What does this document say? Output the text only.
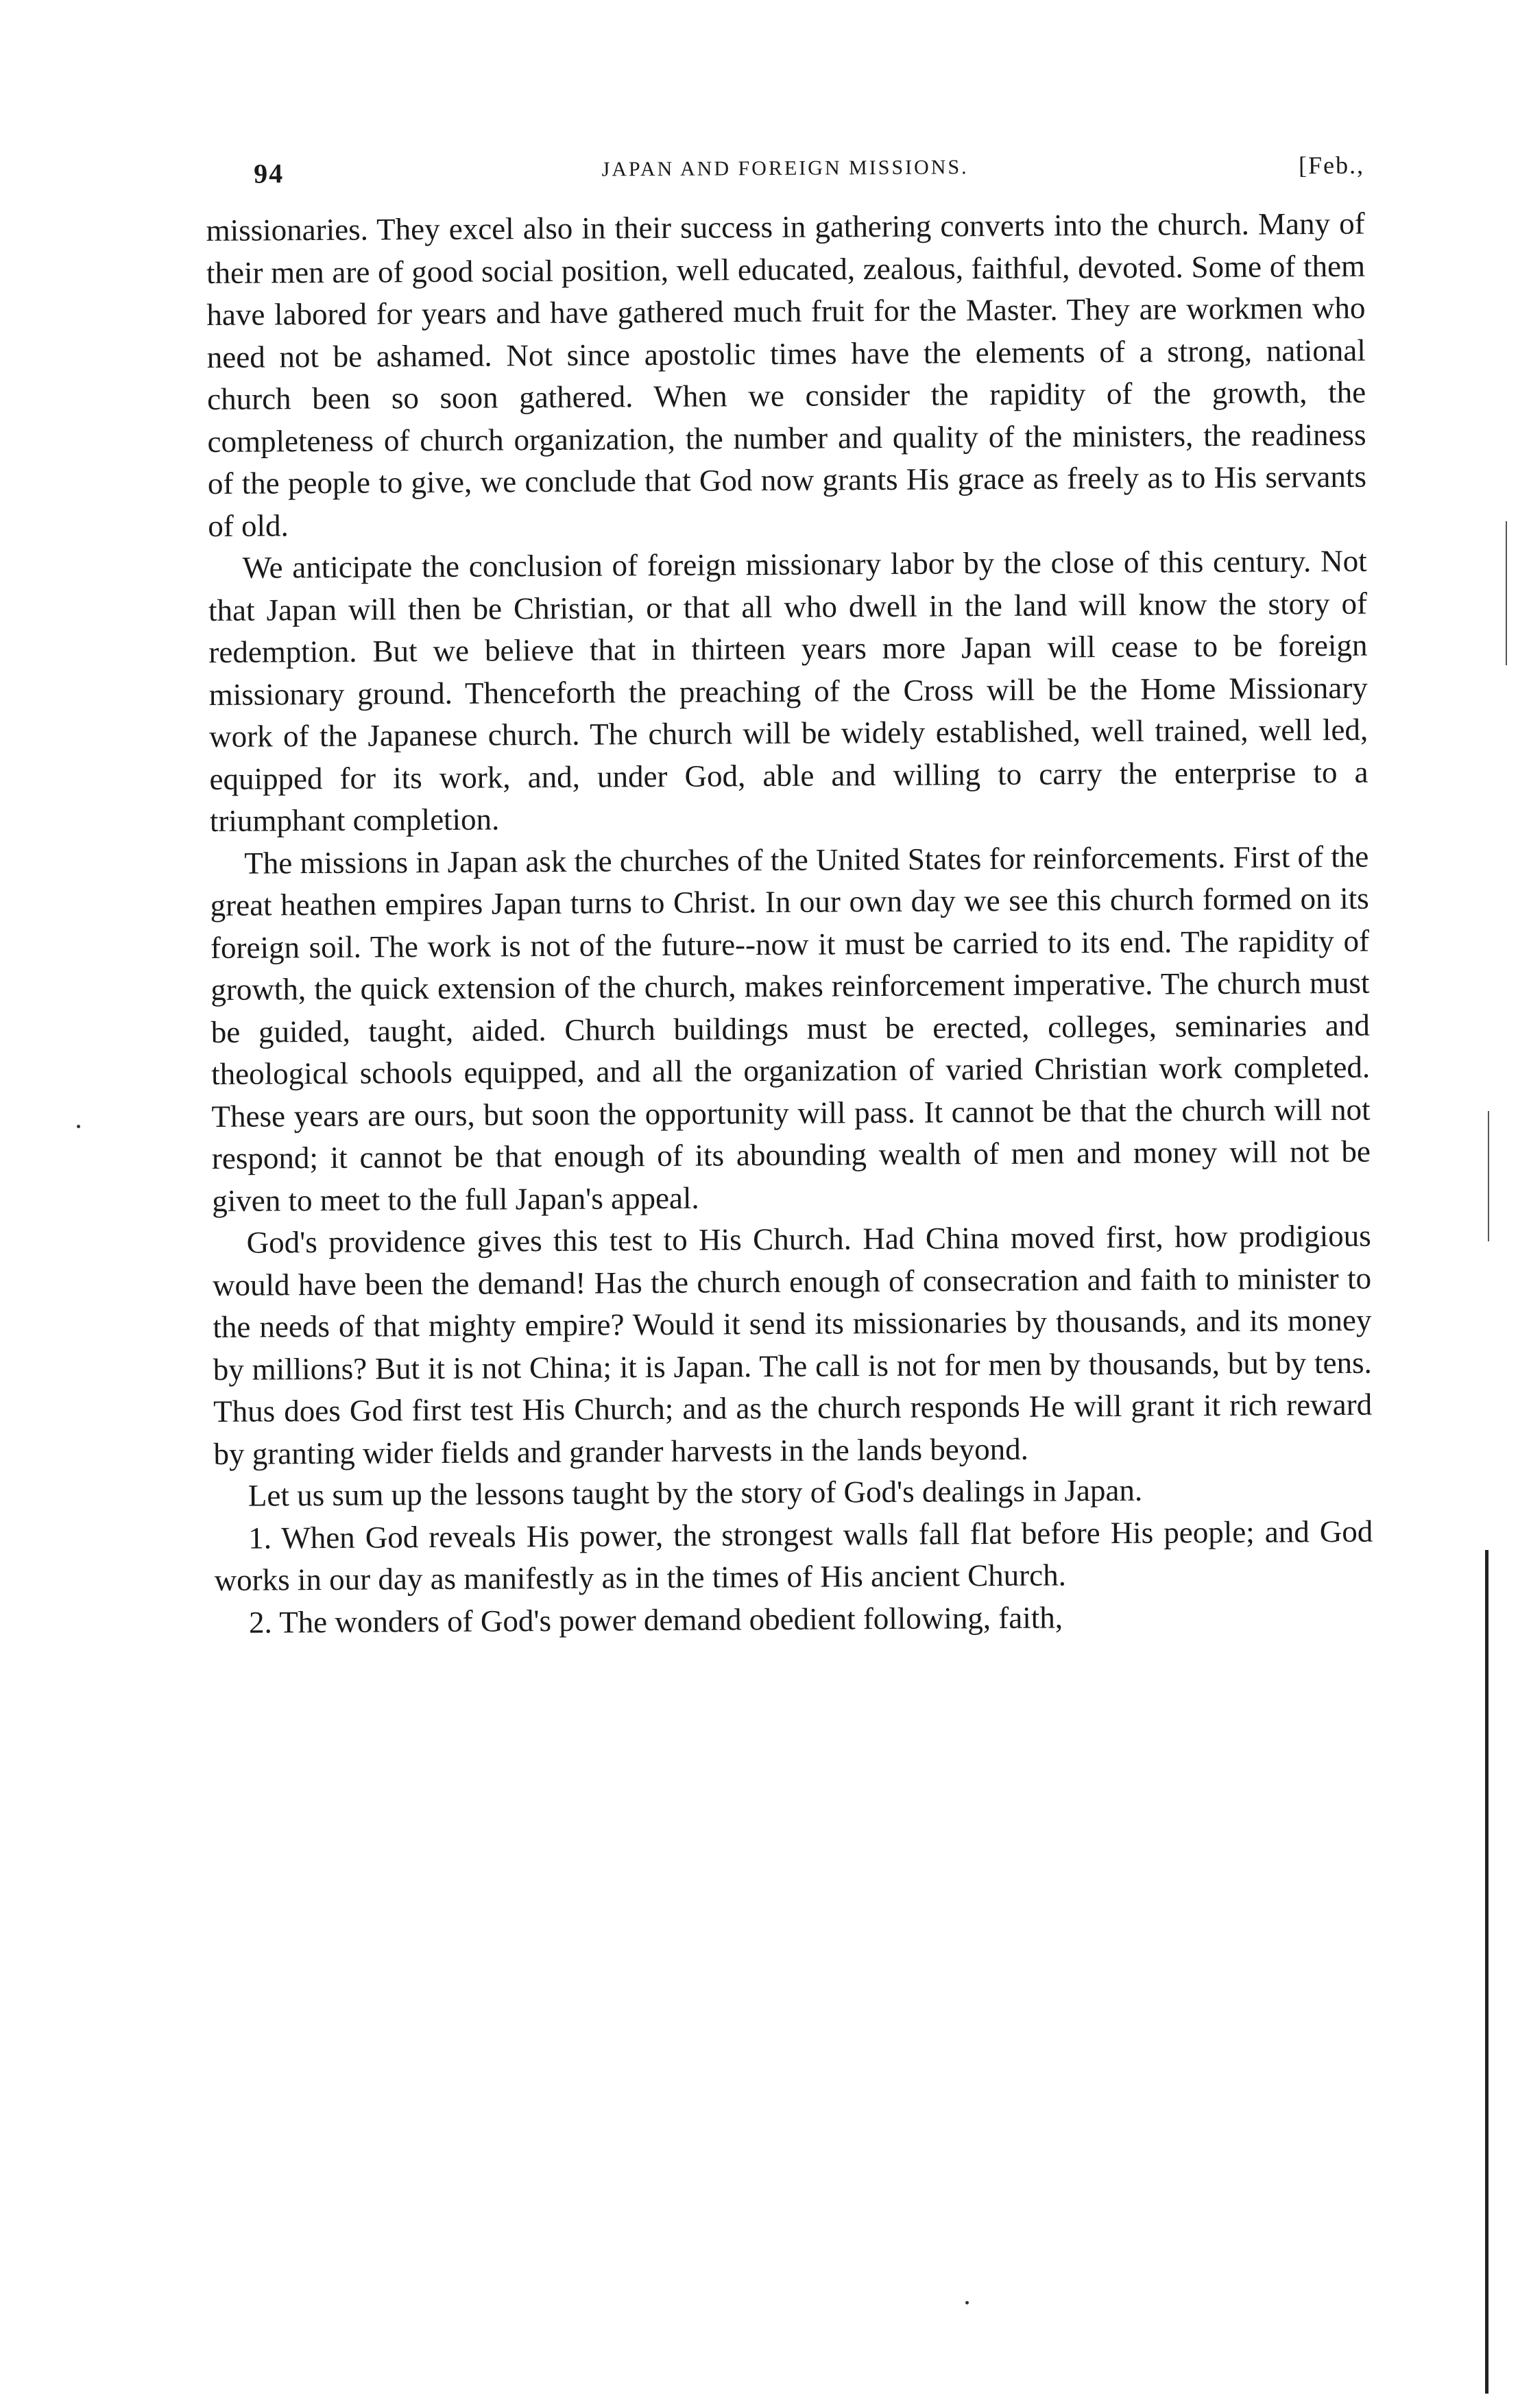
94	JAPAN AND FOREIGN MISSIONS.	[Feb.,

missionaries. They excel also in their success in gathering converts into the church. Many of their men are of good social position, well educated, zealous, faithful, devoted. Some of them have labored for years and have gathered much fruit for the Master. They are workmen who need not be ashamed. Not since apostolic times have the elements of a strong, national church been so soon gathered. When we consider the rapidity of the growth, the completeness of church organization, the number and quality of the ministers, the readiness of the people to give, we conclude that God now grants His grace as freely as to His servants of old.

We anticipate the conclusion of foreign missionary labor by the close of this century. Not that Japan will then be Christian, or that all who dwell in the land will know the story of redemption. But we believe that in thirteen years more Japan will cease to be foreign missionary ground. Thenceforth the preaching of the Cross will be the Home Missionary work of the Japanese church. The church will be widely established, well trained, well led, equipped for its work, and, under God, able and willing to carry the enterprise to a triumphant completion.

The missions in Japan ask the churches of the United States for reinforcements. First of the great heathen empires Japan turns to Christ. In our own day we see this church formed on its foreign soil. The work is not of the future--now it must be carried to its end. The rapidity of growth, the quick extension of the church, makes reinforcement imperative. The church must be guided, taught, aided. Church buildings must be erected, colleges, seminaries and theological schools equipped, and all the organization of varied Christian work completed. These years are ours, but soon the opportunity will pass. It cannot be that the church will not respond; it cannot be that enough of its abounding wealth of men and money will not be given to meet to the full Japan's appeal.

God's providence gives this test to His Church. Had China moved first, how prodigious would have been the demand! Has the church enough of consecration and faith to minister to the needs of that mighty empire? Would it send its missionaries by thousands, and its money by millions? But it is not China; it is Japan. The call is not for men by thousands, but by tens. Thus does God first test His Church; and as the church responds He will grant it rich reward by granting wider fields and grander harvests in the lands beyond.

Let us sum up the lessons taught by the story of God's dealings in Japan.

1. When God reveals His power, the strongest walls fall flat before His people; and God works in our day as manifestly as in the times of His ancient Church.

2. The wonders of God's power demand obedient following, faith,
